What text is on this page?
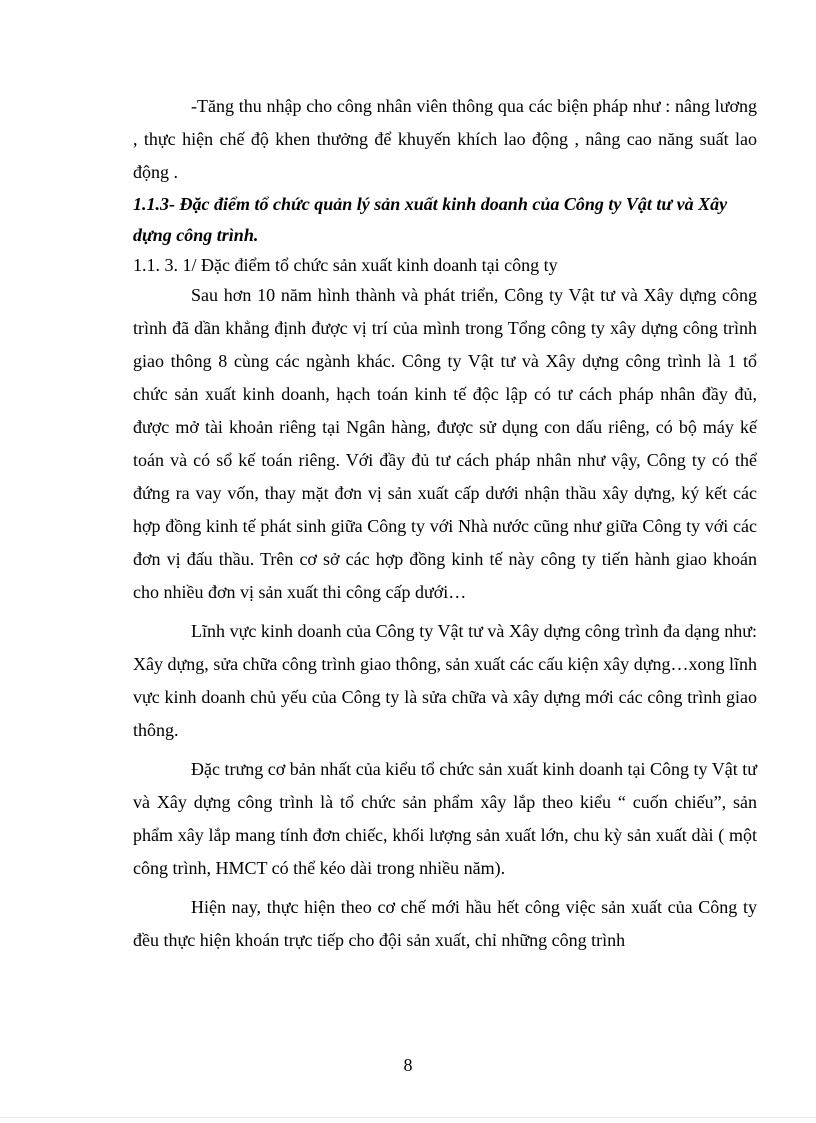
-Tăng thu nhập cho công nhân viên thông qua các biện pháp như : nâng lương , thực hiện chế độ khen thưởng để khuyến khích lao động , nâng cao năng suất lao động .

1.1.3- Đặc điểm tổ chức quản lý sản xuất kinh doanh của Công ty Vật tư và Xây dựng công trình.

1.1. 3. 1/ Đặc điểm tổ chức sản xuất kinh doanh tại công ty

Sau hơn 10 năm hình thành và phát triển, Công ty Vật tư và Xây dựng công trình đã dần khẳng định được vị trí của mình trong Tổng công ty xây dựng công trình giao thông 8 cùng các ngành khác. Công ty Vật tư và Xây dựng công trình là 1 tổ chức sản xuất kinh doanh, hạch toán kinh tế độc lập có tư cách pháp nhân đầy đủ, được mở tài khoản riêng tại Ngân hàng, được sử dụng con dấu riêng, có bộ máy kế toán và có sổ kế toán riêng. Với đầy đủ tư cách pháp nhân như vậy, Công ty có thể đứng ra vay vốn, thay mặt đơn vị sản xuất cấp dưới nhận thầu xây dựng, ký kết các hợp đồng kinh tế phát sinh giữa Công ty với Nhà nước cũng như giữa Công ty với các đơn vị đấu thầu. Trên cơ sở các hợp đồng kinh tế này công ty tiến hành giao khoán cho nhiều đơn vị sản xuất thi công cấp dưới…

Lĩnh vực kinh doanh của Công ty Vật tư và Xây dựng công trình đa dạng như: Xây dựng, sửa chữa công trình giao thông, sản xuất các cấu kiện xây dựng…xong lĩnh vực kinh doanh chủ yếu của Công ty là sửa chữa và xây dựng mới các công trình giao thông.

Đặc trưng cơ bản nhất của kiểu tổ chức sản xuất kinh doanh tại Công ty Vật tư và Xây dựng công trình là tổ chức sản phẩm xây lắp theo kiểu “ cuốn chiếu”, sản phẩm xây lắp mang tính đơn chiếc, khối lượng sản xuất lớn, chu kỳ sản xuất dài ( một công trình, HMCT có thể kéo dài trong nhiều năm).

Hiện nay, thực hiện theo cơ chế mới hầu hết công việc sản xuất của Công ty đều thực hiện khoán trực tiếp cho đội sản xuất, chỉ những công trình

8
